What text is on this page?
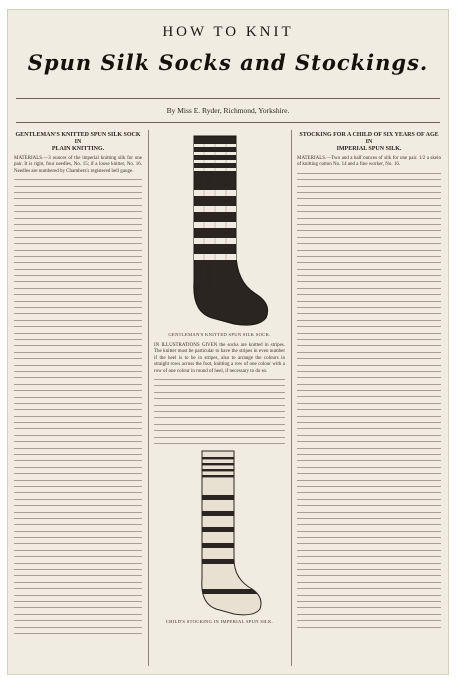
HOW TO KNIT
Spun Silk Socks and Stockings.
By Miss E. Ryder, Richmond, Yorkshire.

GENTLEMAN'S KNITTED SPUN SILK SOCK IN
PLAIN KNITTING.

MATERIALS.—3 ounces of the imperial knitting silk for one pair. It is right, four needles, No. 15; if a loose knitter, No. 16. Needles are numbered by Chambers's registered bell gauge.

GENTLEMAN'S KNITTED SPUN SILK SOCK.

IN ILLUSTRATIONS GIVEN the socks are knitted in stripes. The knitter must be particular to have the stripes in even number if the heel is to be in stripes, also to arrange the colours in straight rows across the foot, knitting a row of one colour with a row of one colour in round of heel, if necessary to do so.

CHILD'S STOCKING IN IMPERIAL SPUN SILK.

STOCKING FOR A CHILD OF SIX YEARS OF AGE IN
IMPERIAL SPUN SILK.

MATERIALS.—Two and a half ounces of silk for one pair. 1/2 a skein of knitting cotton No. 14 and a fine worker, No. 16.
